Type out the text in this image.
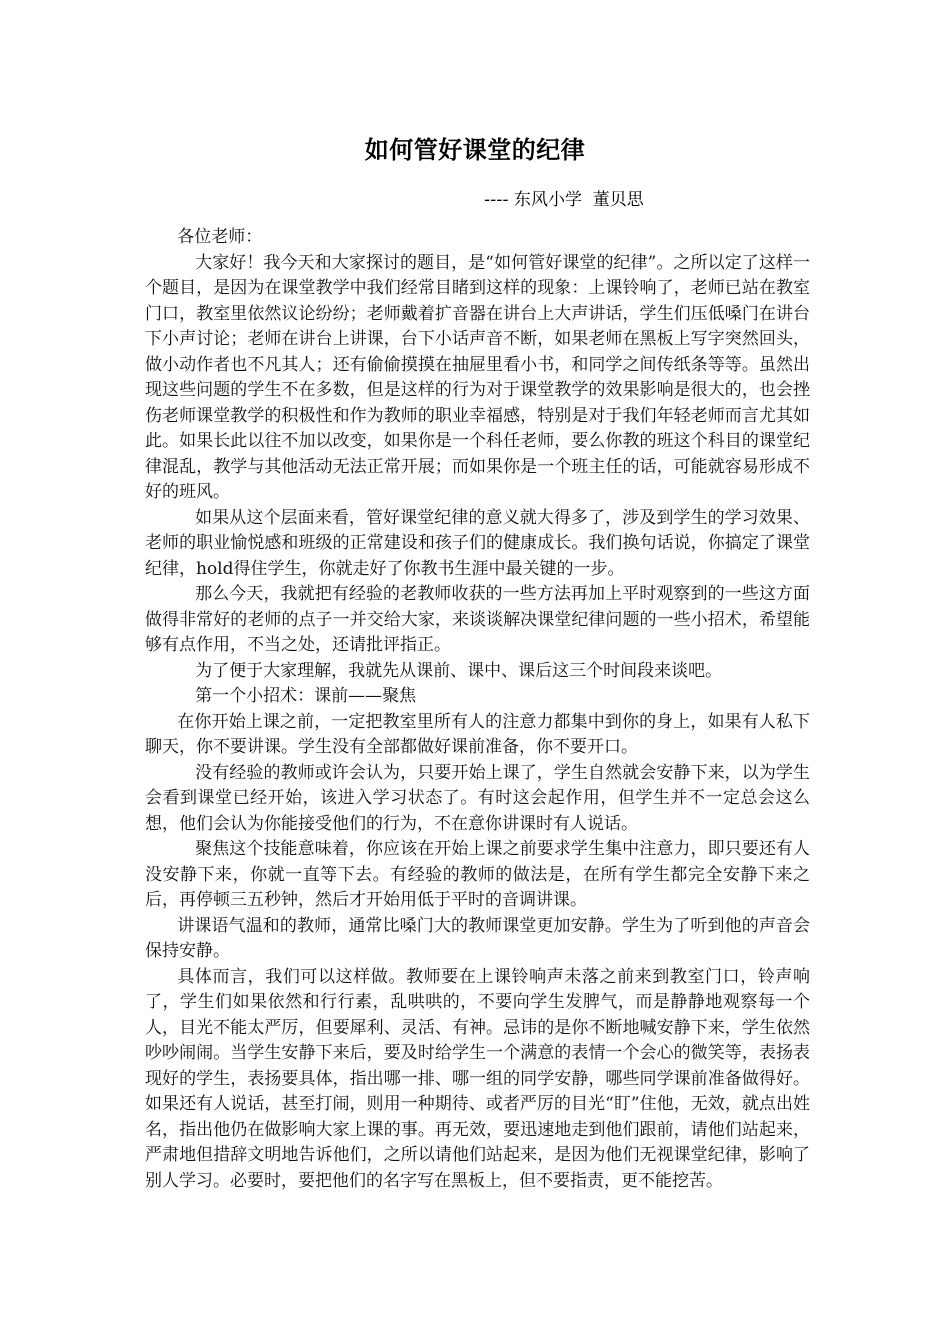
如何管好课堂的纪律
---- 东风小学  董贝思

各位老师：

大家好！我今天和大家探讨的题目，是“如何管好课堂的纪律”。之所以定了这样一个题目，是因为在课堂教学中我们经常目睹到这样的现象：上课铃响了，老师已站在教室门口，教室里依然议论纷纷；老师戴着扩音器在讲台上大声讲话，学生们压低嗓门在讲台下小声讨论；老师在讲台上讲课，台下小话声音不断，如果老师在黑板上写字突然回头，做小动作者也不凡其人；还有偷偷摸摸在抽屉里看小书，和同学之间传纸条等等。虽然出现这些问题的学生不在多数，但是这样的行为对于课堂教学的效果影响是很大的，也会挫伤老师课堂教学的积极性和作为教师的职业幸福感，特别是对于我们年轻老师而言尤其如此。如果长此以往不加以改变，如果你是一个科任老师，要么你教的班这个科目的课堂纪律混乱，教学与其他活动无法正常开展；而如果你是一个班主任的话，可能就容易形成不好的班风。

如果从这个层面来看，管好课堂纪律的意义就大得多了，涉及到学生的学习效果、老师的职业愉悦感和班级的正常建设和孩子们的健康成长。我们换句话说，你搞定了课堂纪律，hold得住学生，你就走好了你教书生涯中最关键的一步。

那么今天，我就把有经验的老教师收获的一些方法再加上平时观察到的一些这方面做得非常好的老师的点子一并交给大家，来谈谈解决课堂纪律问题的一些小招术，希望能够有点作用，不当之处，还请批评指正。

为了便于大家理解，我就先从课前、课中、课后这三个时间段来谈吧。

第一个小招术：课前——聚焦

在你开始上课之前，一定把教室里所有人的注意力都集中到你的身上，如果有人私下聊天，你不要讲课。学生没有全部都做好课前准备，你不要开口。

没有经验的教师或许会认为，只要开始上课了，学生自然就会安静下来，以为学生会看到课堂已经开始，该进入学习状态了。有时这会起作用，但学生并不一定总会这么想，他们会认为你能接受他们的行为，不在意你讲课时有人说话。

聚焦这个技能意味着，你应该在开始上课之前要求学生集中注意力，即只要还有人没安静下来，你就一直等下去。有经验的教师的做法是，在所有学生都完全安静下来之后，再停顿三五秒钟，然后才开始用低于平时的音调讲课。

讲课语气温和的教师，通常比嗓门大的教师课堂更加安静。学生为了听到他的声音会保持安静。

具体而言，我们可以这样做。教师要在上课铃响声未落之前来到教室门口，铃声响了，学生们如果依然和行行素，乱哄哄的，不要向学生发脾气，而是静静地观察每一个人，目光不能太严厉，但要犀利、灵活、有神。忌讳的是你不断地喊安静下来，学生依然吵吵闹闹。当学生安静下来后，要及时给学生一个满意的表情一个会心的微笑等，表扬表现好的学生，表扬要具体，指出哪一排、哪一组的同学安静，哪些同学课前准备做得好。如果还有人说话，甚至打闹，则用一种期待、或者严厉的目光“盯”住他，无效，就点出姓名，指出他仍在做影响大家上课的事。再无效，要迅速地走到他们跟前，请他们站起来，严肃地但措辞文明地告诉他们，之所以请他们站起来，是因为他们无视课堂纪律，影响了别人学习。必要时，要把他们的名字写在黑板上，但不要指责，更不能挖苦。
